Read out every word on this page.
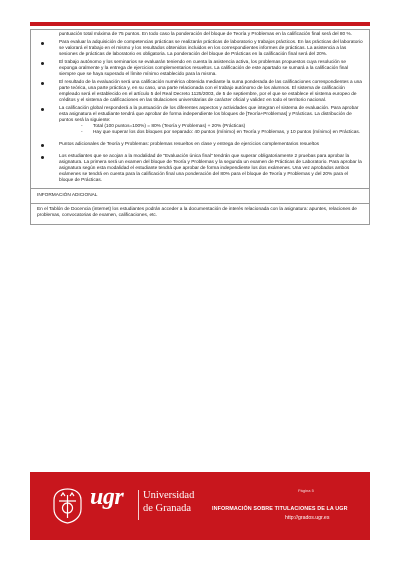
puntuación total máxima de 75 puntos. En todo caso la ponderación del bloque de Teoría y Problemas en la calificación final será del 80 %.

Para evaluar la adquisición de competencias prácticas se realizarán prácticas de laboratorio y trabajos prácticos. En las prácticas del laboratorio se valorará el trabajo en el mismo y los resultados obtenidos incluidos en los correspondientes informes de prácticas. La asistencia a las sesiones de prácticas de laboratorio es obligatoria. La ponderación del bloque de Prácticas en la calificación final será del 20%.
El trabajo autónomo y los seminarios se evaluarán teniendo en cuenta la asistencia activa, los problemas propuestos cuya resolución se exponga oralmente y la entrega de ejercicios complementarios resueltos. La calificación de este apartado se sumará a la calificación final siempre que se haya superado el límite mínimo establecido para la misma.
El resultado de la evaluación será una calificación numérica obtenida mediante la suma ponderada de las calificaciones correspondientes a una parte teórica, una parte práctica y, en su caso, una parte relacionada con el trabajo autónomo de los alumnos. El sistema de calificación empleado será el establecido en el artículo 5 del Real Decreto 1125/2003, de 5 de septiembre, por el que se establece el sistema europeo de créditos y el sistema de calificaciones en las titulaciones universitarias de carácter oficial y validez en todo el territorio nacional.
La calificación global responderá a la puntuación de los diferentes aspectos y actividades que integran el sistema de evaluación. Para aprobar esta asignatura el estudiante tendrá que aprobar de forma independiente los bloques de [Teoría+Problemas] y Prácticas. La distribución de puntos será la siguiente:
- Total (100 puntos=100%) = 80% (Teoría y Problemas) + 20% (Prácticas)
- Hay que superar los dos bloques por separado: 40 puntos (mínimo) en Teoría y Problemas, y 10 puntos (mínimo) en Prácticas.
Puntos adicionales de Teoría y Problemas: problemas resueltos en clase y entrega de ejercicios complementarios resueltos
Los estudiantes que se acojan a la modalidad de "Evaluación única final" tendrán que superar obligatoriamente 2 pruebas para aprobar la asignatura. La primera será un examen del bloque de Teoría y Problemas y la segunda un examen de Prácticas de Laboratorio. Para aprobar la asignatura según esta modalidad el estudiante tendrá que aprobar de forma independiente los dos exámenes. Una vez aprobados ambos exámenes se tendrá en cuenta para la calificación final una ponderación del 80% para el bloque de Teoría y Problemas y del 20% para el bloque de Prácticas.
INFORMACIÓN ADICIONAL
En el Tablón de Docencia (internet) los estudiantes podrán acceder a la documentación de interés relacionada con la asignatura: apuntes, relaciones de problemas, convocatorias de examen, calificaciones, etc.
ugr Universidad
de Granada
Página 5
INFORMACIÓN SOBRE TITULACIONES DE LA UGR
http://grados.ugr.es
